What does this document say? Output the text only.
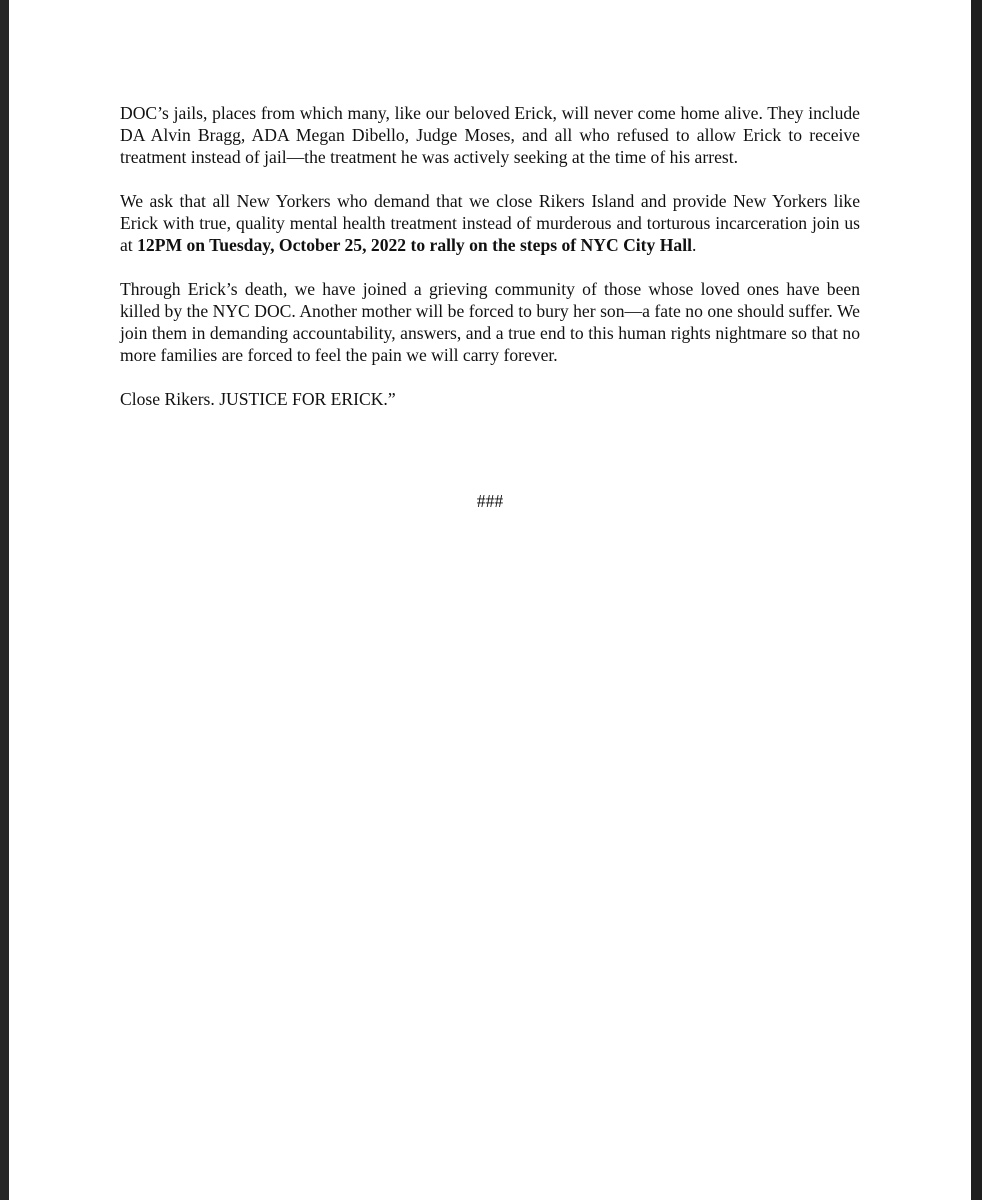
DOC’s jails, places from which many, like our beloved Erick, will never come home alive. They include DA Alvin Bragg, ADA Megan Dibello, Judge Moses, and all who refused to allow Erick to receive treatment instead of jail—the treatment he was actively seeking at the time of his arrest.

We ask that all New Yorkers who demand that we close Rikers Island and provide New Yorkers like Erick with true, quality mental health treatment instead of murderous and torturous incarceration join us at 12PM on Tuesday, October 25, 2022 to rally on the steps of NYC City Hall.

Through Erick’s death, we have joined a grieving community of those whose loved ones have been killed by the NYC DOC. Another mother will be forced to bury her son—a fate no one should suffer. We join them in demanding accountability, answers, and a true end to this human rights nightmare so that no more families are forced to feel the pain we will carry forever.

Close Rikers. JUSTICE FOR ERICK.”

###
